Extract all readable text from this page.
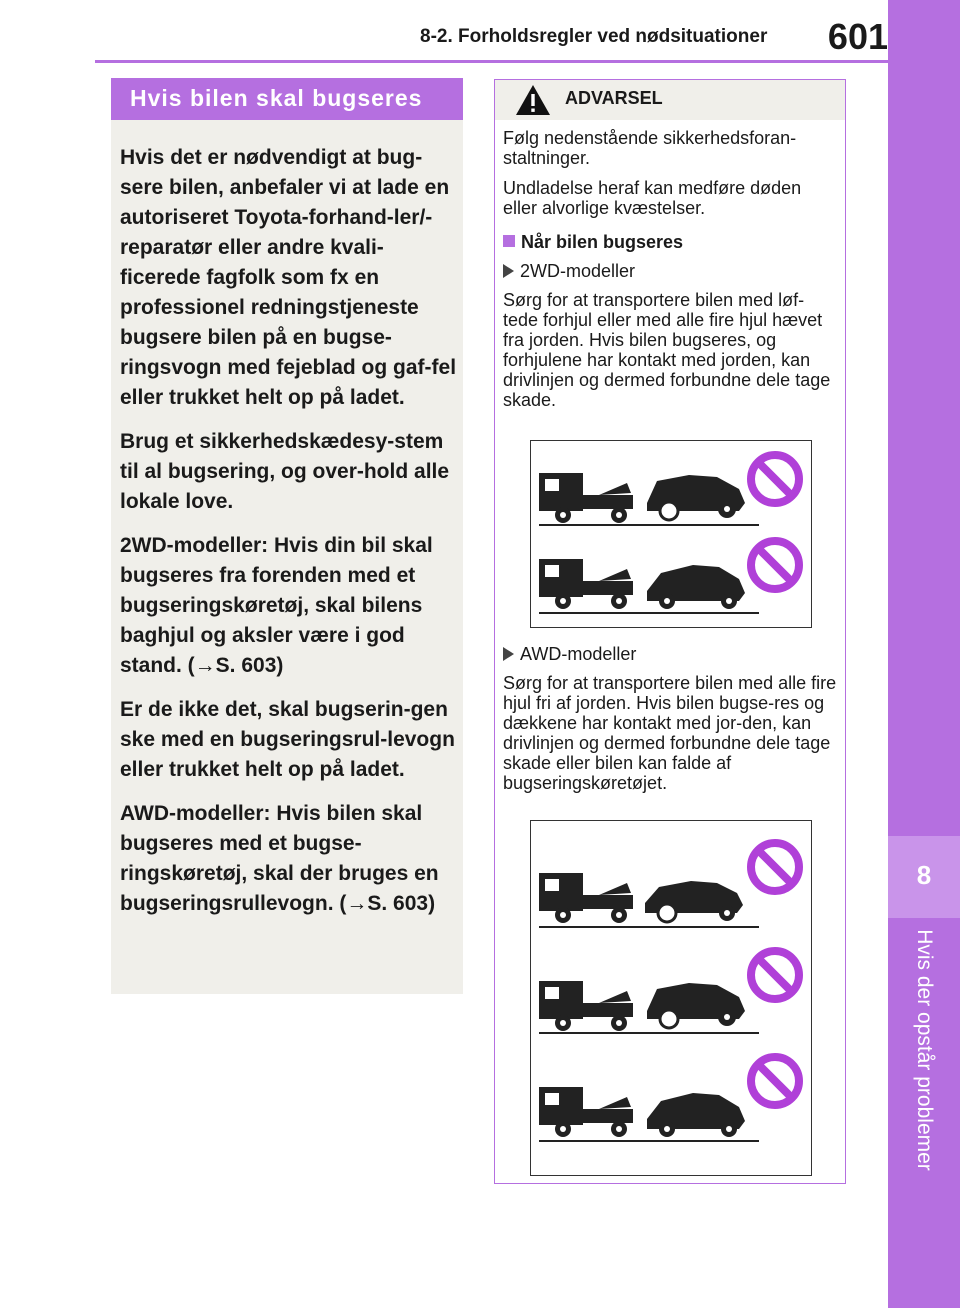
8-2. Forholdsregler ved nødsituationer	601
8
Hvis der opstår problemer
Hvis bilen skal bugseres

Hvis det er nødvendigt at bug-sere bilen, anbefaler vi at lade en autoriseret Toyota-forhand-ler/-reparatør eller andre kvali-ficerede fagfolk som fx en professionel redningstjeneste bugsere bilen på en bugse-ringsvogn med fejeblad og gaf-fel eller trukket helt op på ladet.

Brug et sikkerhedskædesy-stem til al bugsering, og over-hold alle lokale love.

2WD-modeller: Hvis din bil skal bugseres fra forenden med et bugseringskøretøj, skal bilens baghjul og aksler være i god stand. (→S. 603)

Er de ikke det, skal bugserin-gen ske med en bugseringsrul-levogn eller trukket helt op på ladet.

AWD-modeller: Hvis bilen skal bugseres med et bugse-ringskøretøj, skal der bruges en bugseringsrullevogn. (→S. 603)

ADVARSEL

Følg nedenstående sikkerhedsforan-staltninger.

Undladelse heraf kan medføre døden eller alvorlige kvæstelser.

Når bilen bugseres

2WD-modeller

Sørg for at transportere bilen med løf-tede forhjul eller med alle fire hjul hævet fra jorden. Hvis bilen bugseres, og forhjulene har kontakt med jorden, kan drivlinjen og dermed forbundne dele tage skade.

AWD-modeller

Sørg for at transportere bilen med alle fire hjul fri af jorden. Hvis bilen bugse-res og dækkene har kontakt med jor-den, kan drivlinjen og dermed forbundne dele tage skade eller bilen kan falde af bugseringskøretøjet.
